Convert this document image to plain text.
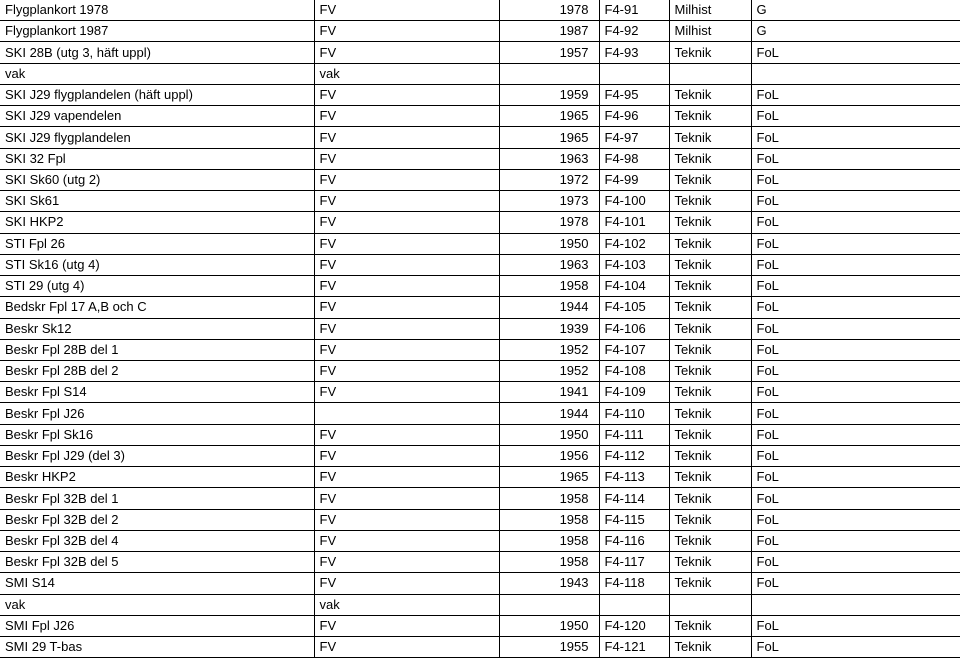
Flygplankort 1978	FV	1978	F4-91	Milhist	G
Flygplankort 1987	FV	1987	F4-92	Milhist	G
SKI 28B (utg 3, häft uppl)	FV	1957	F4-93	Teknik	FoL
vak	vak				
SKI J29 flygplandelen (häft uppl)	FV	1959	F4-95	Teknik	FoL
SKI J29 vapendelen	FV	1965	F4-96	Teknik	FoL
SKI J29 flygplandelen	FV	1965	F4-97	Teknik	FoL
SKI 32 Fpl	FV	1963	F4-98	Teknik	FoL
SKI Sk60 (utg 2)	FV	1972	F4-99	Teknik	FoL
SKI Sk61	FV	1973	F4-100	Teknik	FoL
SKI HKP2	FV	1978	F4-101	Teknik	FoL
STI Fpl 26	FV	1950	F4-102	Teknik	FoL
STI Sk16 (utg 4)	FV	1963	F4-103	Teknik	FoL
STI 29 (utg 4)	FV	1958	F4-104	Teknik	FoL
Bedskr Fpl 17 A,B och C	FV	1944	F4-105	Teknik	FoL
Beskr Sk12	FV	1939	F4-106	Teknik	FoL
Beskr Fpl 28B del 1	FV	1952	F4-107	Teknik	FoL
Beskr Fpl 28B del 2	FV	1952	F4-108	Teknik	FoL
Beskr Fpl S14	FV	1941	F4-109	Teknik	FoL
Beskr Fpl J26		1944	F4-110	Teknik	FoL
Beskr Fpl Sk16	FV	1950	F4-111	Teknik	FoL
Beskr Fpl J29 (del 3)	FV	1956	F4-112	Teknik	FoL
Beskr HKP2	FV	1965	F4-113	Teknik	FoL
Beskr Fpl 32B del 1	FV	1958	F4-114	Teknik	FoL
Beskr Fpl 32B del 2	FV	1958	F4-115	Teknik	FoL
Beskr Fpl 32B del 4	FV	1958	F4-116	Teknik	FoL
Beskr Fpl 32B del 5	FV	1958	F4-117	Teknik	FoL
SMI S14	FV	1943	F4-118	Teknik	FoL
vak	vak				
SMI Fpl J26	FV	1950	F4-120	Teknik	FoL
SMI 29 T-bas	FV	1955	F4-121	Teknik	FoL
